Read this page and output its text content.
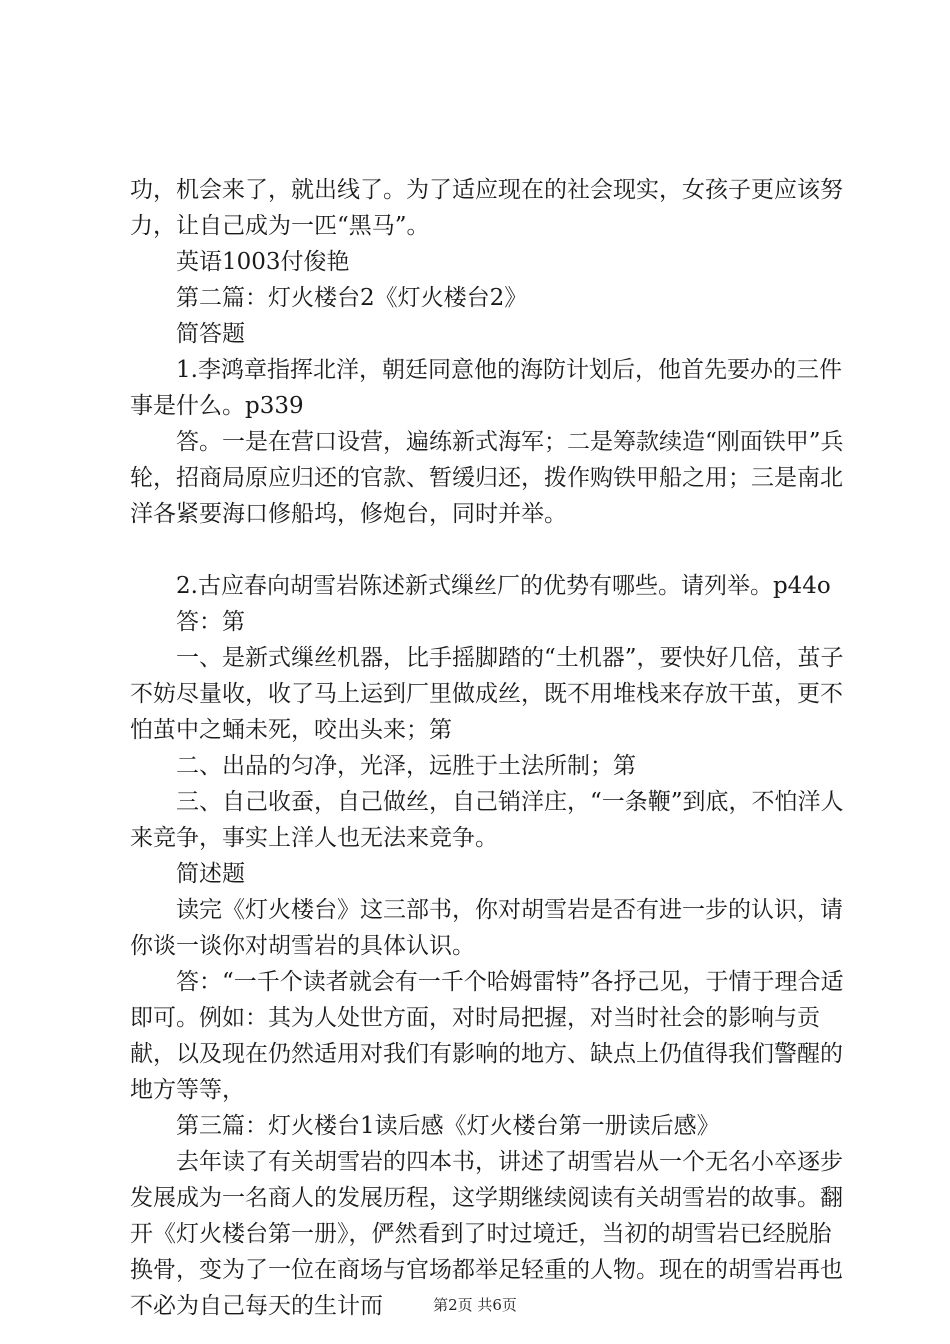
功，机会来了，就出线了。为了适应现在的社会现实，女孩子更应该努力，让自己成为一匹“黑马”。

英语1003付俊艳

第二篇：灯火楼台2《灯火楼台2》

简答题

1.李鸿章指挥北洋，朝廷同意他的海防计划后，他首先要办的三件事是什么。p339

答。一是在营口设营，遍练新式海军；二是筹款续造“刚面铁甲”兵轮，招商局原应归还的官款、暂缓归还，拨作购铁甲船之用；三是南北洋各紧要海口修船坞，修炮台，同时并举。

2.古应春向胡雪岩陈述新式缫丝厂的优势有哪些。请列举。p44o

答：第

一、是新式缫丝机器，比手摇脚踏的“土机器”，要快好几倍，茧子不妨尽量收，收了马上运到厂里做成丝，既不用堆栈来存放干茧，更不怕茧中之蛹未死，咬出头来；第

二、出品的匀净，光泽，远胜于土法所制；第

三、自己收蚕，自己做丝，自己销洋庄，“一条鞭”到底，不怕洋人来竞争，事实上洋人也无法来竞争。

简述题

读完《灯火楼台》这三部书，你对胡雪岩是否有进一步的认识，请你谈一谈你对胡雪岩的具体认识。

答：“一千个读者就会有一千个哈姆雷特”各抒己见，于情于理合适即可。例如：其为人处世方面，对时局把握，对当时社会的影响与贡献，以及现在仍然适用对我们有影响的地方、缺点上仍值得我们警醒的地方等等，

第三篇：灯火楼台1读后感《灯火楼台第一册读后感》

去年读了有关胡雪岩的四本书，讲述了胡雪岩从一个无名小卒逐步发展成为一名商人的发展历程，这学期继续阅读有关胡雪岩的故事。翻开《灯火楼台第一册》，俨然看到了时过境迁，当初的胡雪岩已经脱胎换骨，变为了一位在商场与官场都举足轻重的人物。现在的胡雪岩再也不必为自己每天的生计而	第2页 共6页
